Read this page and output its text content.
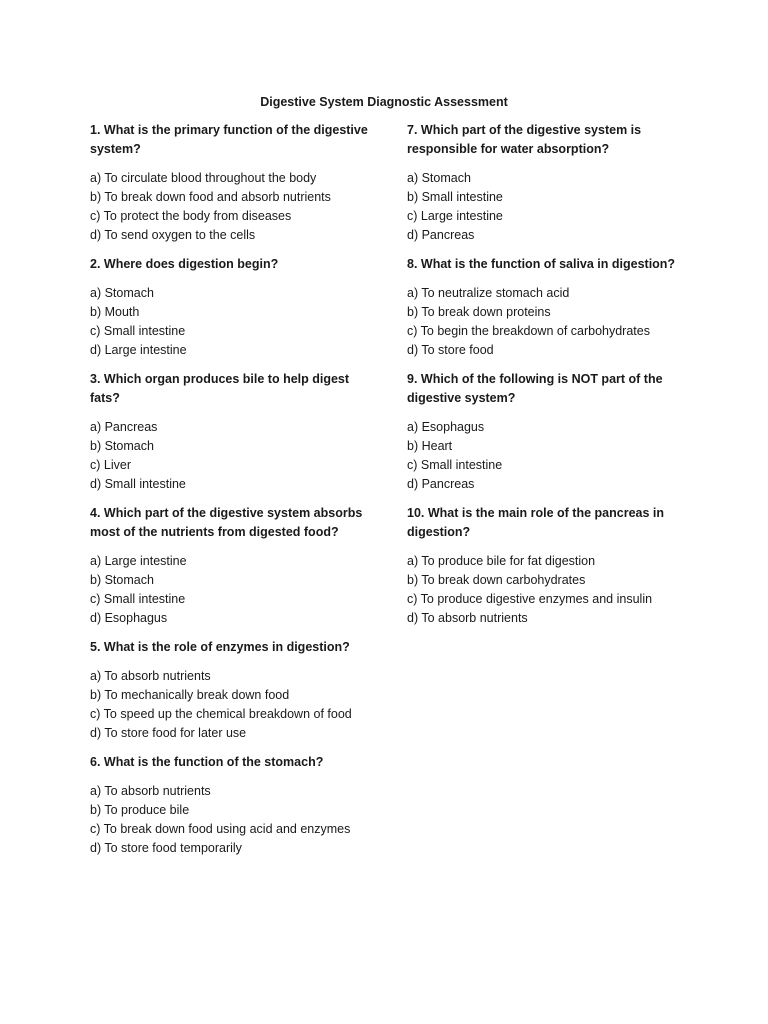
Digestive System Diagnostic Assessment

1. What is the primary function of the digestive system?

a) To circulate blood throughout the body
b) To break down food and absorb nutrients
c) To protect the body from diseases
d) To send oxygen to the cells

2. Where does digestion begin?

a) Stomach
b) Mouth
c) Small intestine
d) Large intestine

3. Which organ produces bile to help digest fats?

a) Pancreas
b) Stomach
c) Liver
d) Small intestine

4. Which part of the digestive system absorbs most of the nutrients from digested food?

a) Large intestine
b) Stomach
c) Small intestine
d) Esophagus

5. What is the role of enzymes in digestion?

a) To absorb nutrients
b) To mechanically break down food
c) To speed up the chemical breakdown of food
d) To store food for later use

6. What is the function of the stomach?

a) To absorb nutrients
b) To produce bile
c) To break down food using acid and enzymes
d) To store food temporarily

7. Which part of the digestive system is responsible for water absorption?

a) Stomach
b) Small intestine
c) Large intestine
d) Pancreas

8. What is the function of saliva in digestion?

a) To neutralize stomach acid
b) To break down proteins
c) To begin the breakdown of carbohydrates
d) To store food

9. Which of the following is NOT part of the digestive system?

a) Esophagus
b) Heart
c) Small intestine
d) Pancreas

10. What is the main role of the pancreas in digestion?

a) To produce bile for fat digestion
b) To break down carbohydrates
c) To produce digestive enzymes and insulin
d) To absorb nutrients
